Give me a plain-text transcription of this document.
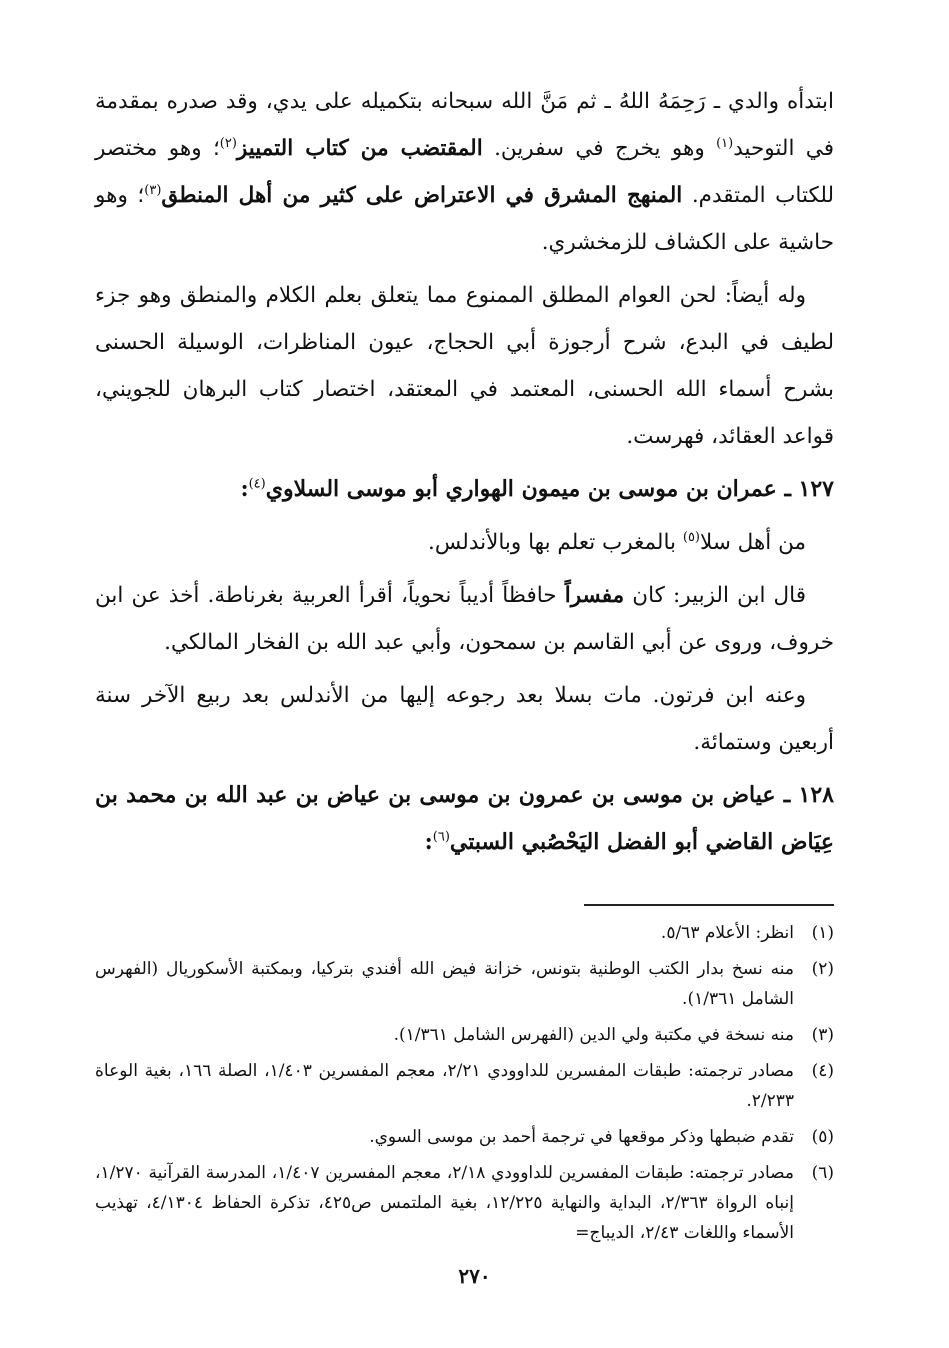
ابتدأه والدي ـ رَحِمَهُ اللهُ ـ ثم مَنَّ الله سبحانه بتكميله على يدي، وقد صدره بمقدمة في التوحيد$^{(١)}$ وهو يخرج في سفرين. المقتضب من كتاب التمييز$^{(٢)}$؛ وهو مختصر للكتاب المتقدم. المنهج المشرق في الاعتراض على كثير من أهل المنطق$^{(٣)}$؛ وهو حاشية على الكشاف للزمخشري.

وله أيضاً: لحن العوام المطلق الممنوع مما يتعلق بعلم الكلام والمنطق وهو جزء لطيف في البدع، شرح أرجوزة أبي الحجاج، عيون المناظرات، الوسيلة الحسنى بشرح أسماء الله الحسنى، المعتمد في المعتقد، اختصار كتاب البرهان للجويني، قواعد العقائد، فهرست.

١٢٧ ـ عمران بن موسى بن ميمون الهواري أبو موسى السلاوي$^{(٤)}$:

من أهل سلا$^{(٥)}$ بالمغرب تعلم بها وبالأندلس.

قال ابن الزبير: كان مفسراً حافظاً أديباً نحوياً، أقرأ العربية بغرناطة. أخذ عن ابن خروف، وروى عن أبي القاسم بن سمحون، وأبي عبد الله بن الفخار المالكي.

وعنه ابن فرتون. مات بسلا بعد رجوعه إليها من الأندلس بعد ربيع الآخر سنة أربعين وستمائة.

١٢٨ ـ عياض بن موسى بن عمرون بن موسى بن عياض بن عبد الله بن محمد بن عِيَاض القاضي أبو الفضل اليَحْصُبي السبتي$^{(٦)}$:

(١)
انظر: الأعلام ٥/٦٣.
(٢)
منه نسخ بدار الكتب الوطنية بتونس، خزانة فيض الله أفندي بتركيا، وبمكتبة الأسكوريال (الفهرس الشامل ١/٣٦١).
(٣)
منه نسخة في مكتبة ولي الدين (الفهرس الشامل ١/٣٦١).
(٤)
مصادر ترجمته: طبقات المفسرين للداوودي ٢/٢١، معجم المفسرين ١/٤٠٣، الصلة ١٦٦، بغية الوعاة ٢/٢٣٣.
(٥)
تقدم ضبطها وذكر موقعها في ترجمة أحمد بن موسى السوي.
(٦)
مصادر ترجمته: طبقات المفسرين للداوودي ٢/١٨، معجم المفسرين ١/٤٠٧، المدرسة القرآنية ١/٢٧٠، إنباه الرواة ٢/٣٦٣، البداية والنهاية ١٢/٢٢٥، بغية الملتمس ص٤٢٥، تذكرة الحفاظ ٤/١٣٠٤، تهذيب الأسماء واللغات ٢/٤٣، الديباج=
٢٧٠
